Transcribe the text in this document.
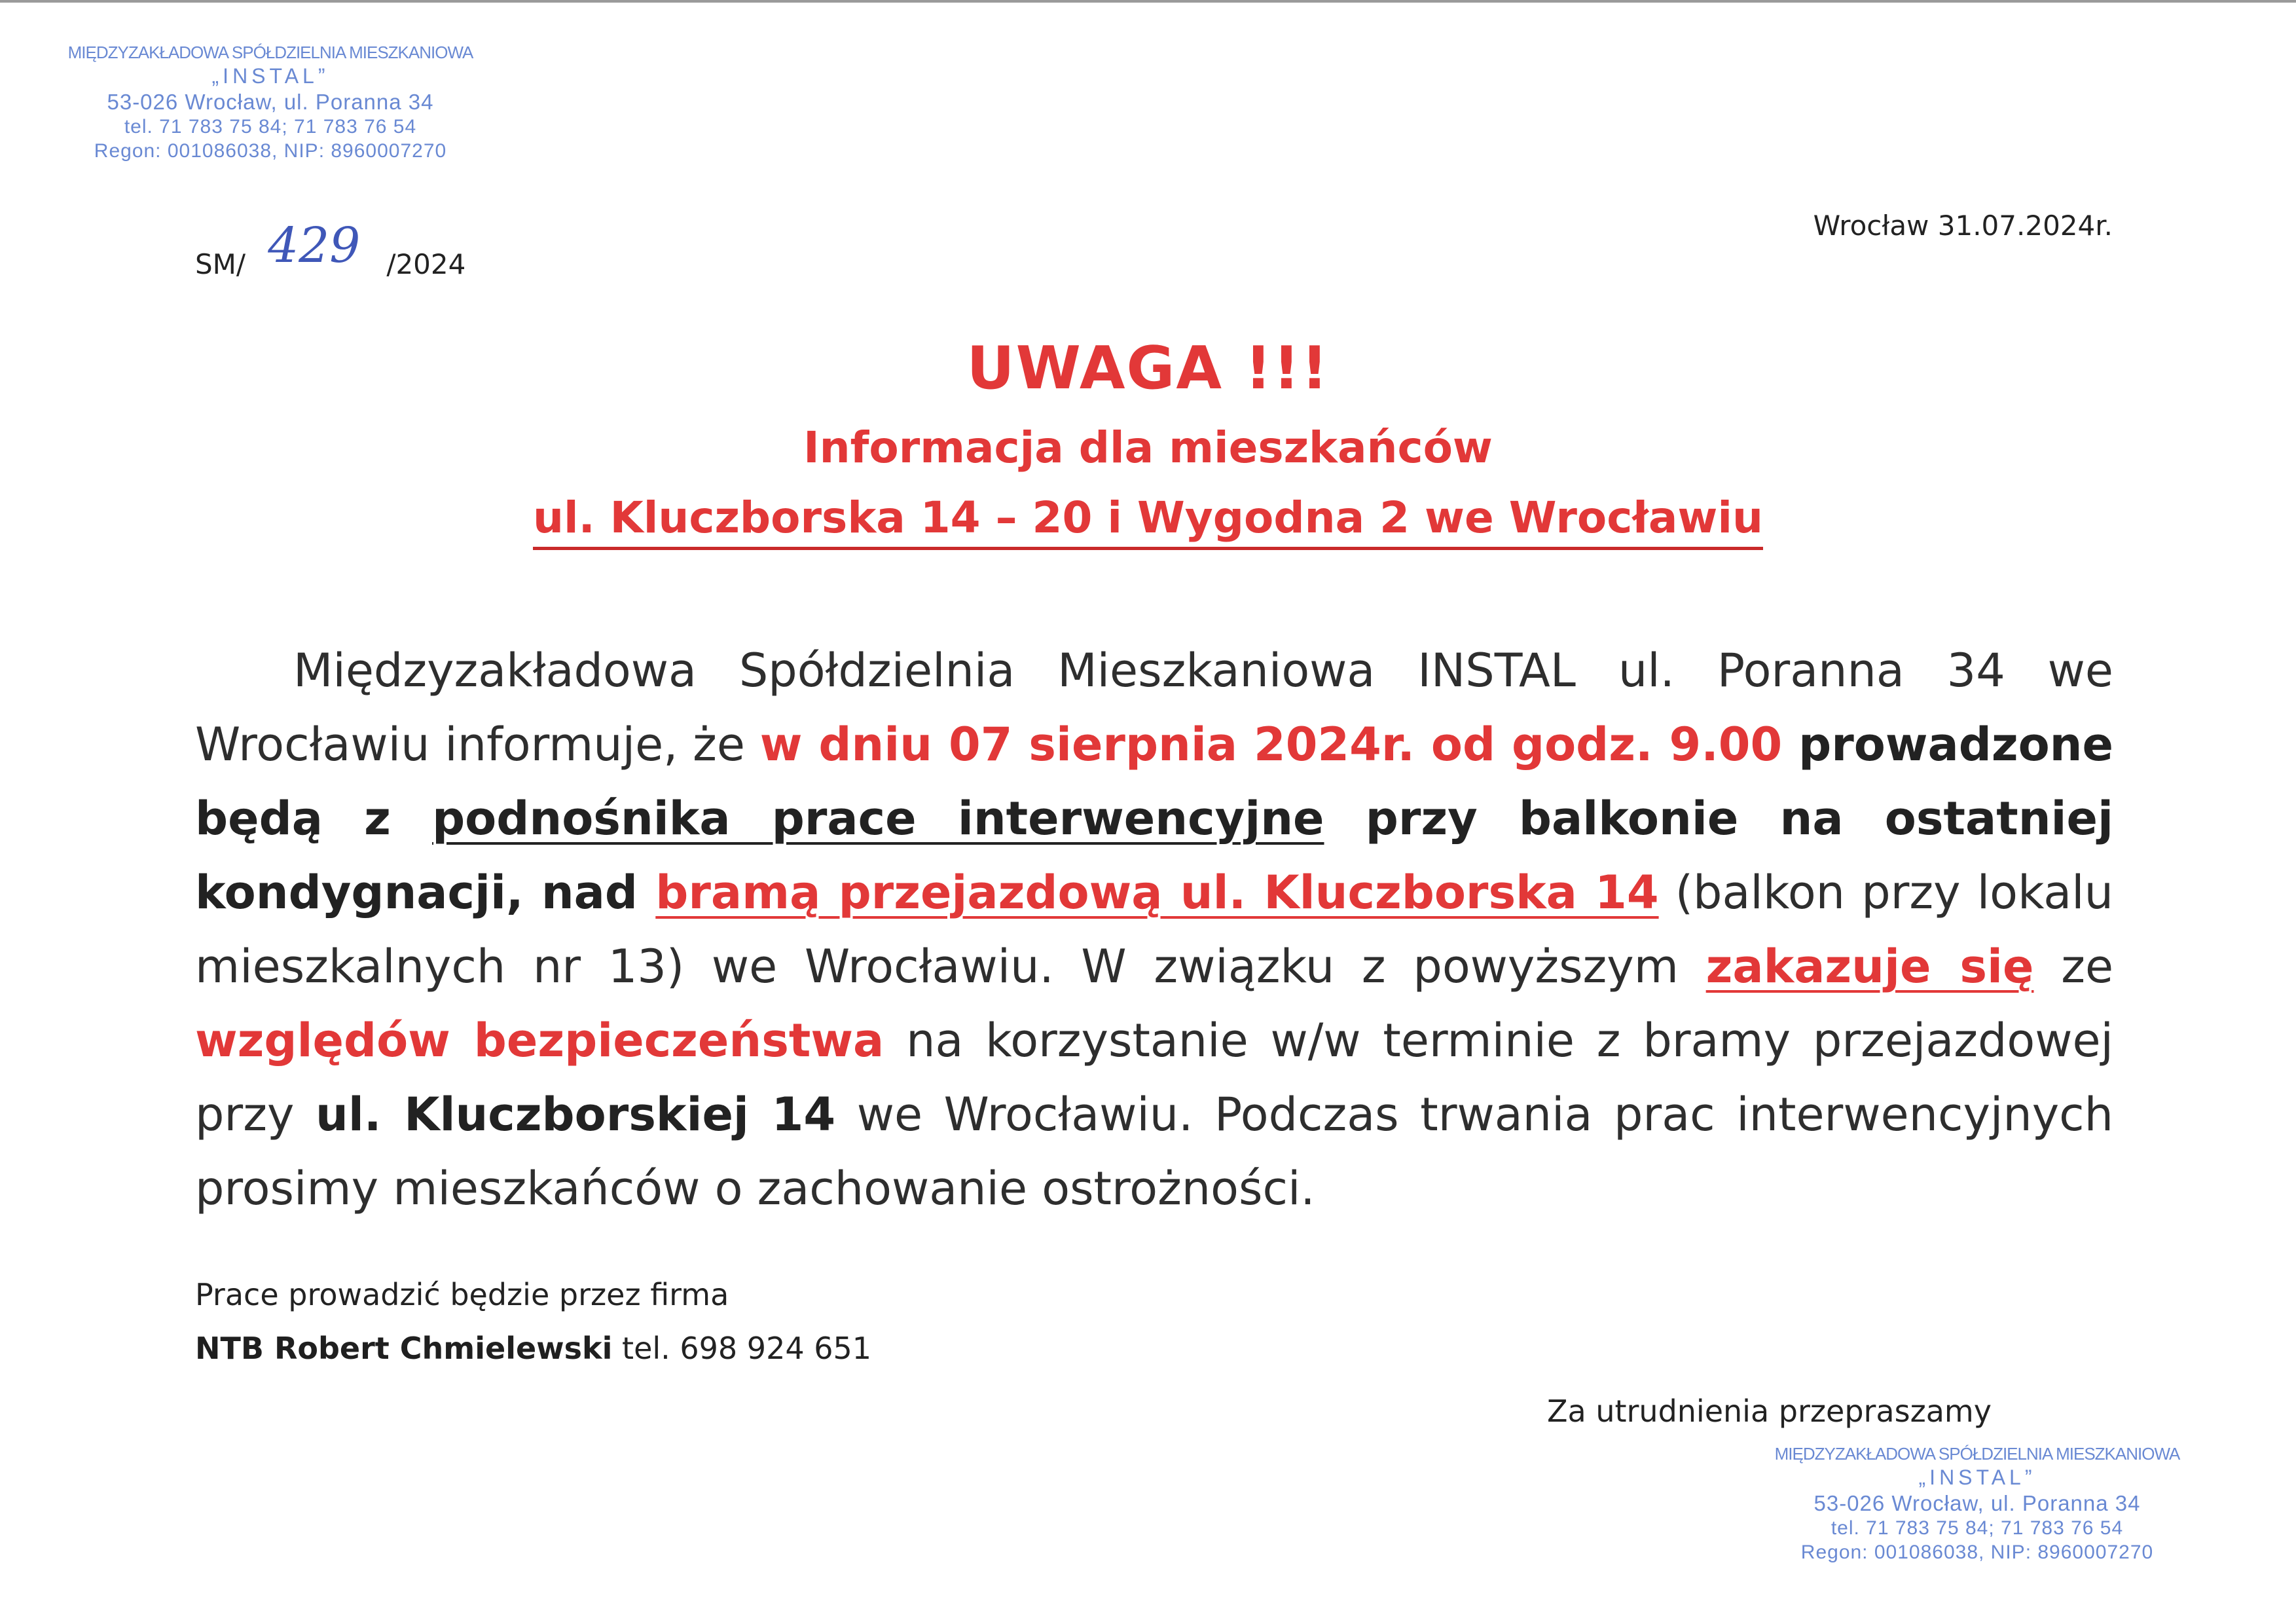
MIĘDZYZAKŁADOWA SPÓŁDZIELNIA MIESZKANIOWA
„INSTAL”
53-026 Wrocław, ul. Poranna 34
tel. 71 783 75 84; 71 783 76 54
Regon: 001086038, NIP: 8960007270
SM/ 429 /2024
Wrocław 31.07.2024r.
UWAGA !!!
Informacja dla mieszkańców
ul. Kluczborska 14 – 20 i Wygodna 2 we Wrocławiu
Międzyzakładowa Spółdzielnia Mieszkaniowa INSTAL ul. Poranna 34 we Wrocławiu informuje, że w dniu 07 sierpnia 2024r. od godz. 9.00 prowadzone będą z podnośnika prace interwencyjne przy balkonie na ostatniej kondygnacji, nad bramą przejazdową ul. Kluczborska 14 (balkon przy lokalu mieszkalnych nr 13) we Wrocławiu. W związku z powyższym zakazuje się ze względów bezpieczeństwa na korzystanie w/w terminie z bramy przejazdowej przy ul. Kluczborskiej 14 we Wrocławiu. Podczas trwania prac interwencyjnych prosimy mieszkańców o zachowanie ostrożności.
Prace prowadzić będzie przez firma
NTB Robert Chmielewski tel. 698 924 651
Za utrudnienia przepraszamy
MIĘDZYZAKŁADOWA SPÓŁDZIELNIA MIESZKANIOWA
„INSTAL”
53-026 Wrocław, ul. Poranna 34
tel. 71 783 75 84; 71 783 76 54
Regon: 001086038, NIP: 8960007270
